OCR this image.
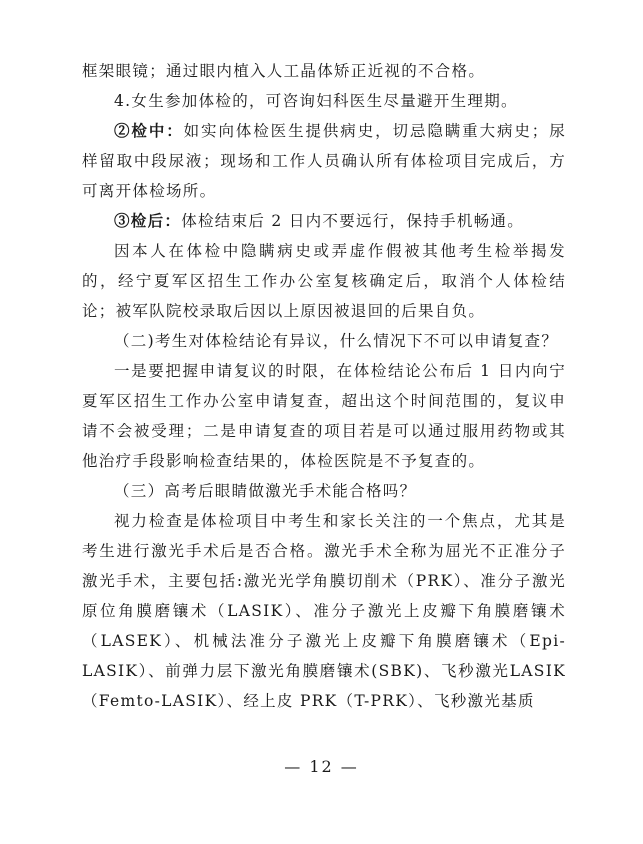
框架眼镜；通过眼内植入人工晶体矫正近视的不合格。

4.女生参加体检的，可咨询妇科医生尽量避开生理期。

②检中：如实向体检医生提供病史，切忌隐瞒重大病史；尿样留取中段尿液；现场和工作人员确认所有体检项目完成后，方可离开体检场所。

③检后：体检结束后 2 日内不要远行，保持手机畅通。

因本人在体检中隐瞒病史或弄虚作假被其他考生检举揭发的，经宁夏军区招生工作办公室复核确定后，取消个人体检结论；被军队院校录取后因以上原因被退回的后果自负。

（二)考生对体检结论有异议，什么情况下不可以申请复查？

一是要把握申请复议的时限，在体检结论公布后 1 日内向宁夏军区招生工作办公室申请复查，超出这个时间范围的，复议申请不会被受理；二是申请复查的项目若是可以通过服用药物或其他治疗手段影响检查结果的，体检医院是不予复查的。

（三）高考后眼睛做激光手术能合格吗？

视力检查是体检项目中考生和家长关注的一个焦点，尤其是考生进行激光手术后是否合格。激光手术全称为屈光不正准分子激光手术，主要包括:激光光学角膜切削术（PRK）、准分子激光原位角膜磨镶术（LASIK）、准分子激光上皮瓣下角膜磨镶术（LASEK）、机械法准分子激光上皮瓣下角膜磨镶术（Epi-LASIK）、前弹力层下激光角膜磨镶术(SBK)、飞秒激光LASIK（Femto-LASIK）、经上皮 PRK（T-PRK）、飞秒激光基质

— 12 —
